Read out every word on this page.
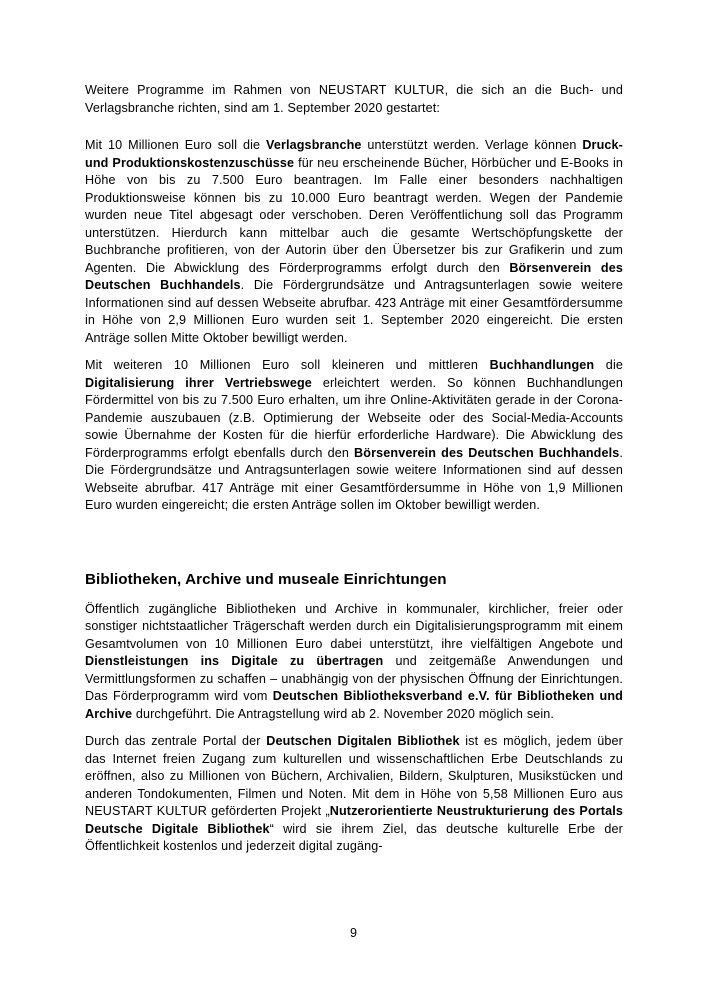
Weitere Programme im Rahmen von NEUSTART KULTUR, die sich an die Buch- und Verlagsbranche richten, sind am 1. September 2020 gestartet:

Mit 10 Millionen Euro soll die Verlagsbranche unterstützt werden. Verlage können Druck- und Produktionskostenzuschüsse für neu erscheinende Bücher, Hörbücher und E-Books in Höhe von bis zu 7.500 Euro beantragen. Im Falle einer besonders nachhaltigen Produktionsweise können bis zu 10.000 Euro beantragt werden. Wegen der Pandemie wurden neue Titel abgesagt oder verschoben. Deren Veröffentlichung soll das Programm unterstützen. Hierdurch kann mittelbar auch die gesamte Wertschöpfungskette der Buchbranche profitieren, von der Autorin über den Übersetzer bis zur Grafikerin und zum Agenten. Die Abwicklung des Förderprogramms erfolgt durch den Börsenverein des Deutschen Buchhandels. Die Fördergrundsätze und Antragsunterlagen sowie weitere Informationen sind auf dessen Webseite abrufbar. 423 Anträge mit einer Gesamtfördersumme in Höhe von 2,9 Millionen Euro wurden seit 1. September 2020 eingereicht. Die ersten Anträge sollen Mitte Oktober bewilligt werden.

Mit weiteren 10 Millionen Euro soll kleineren und mittleren Buchhandlungen die Digitalisierung ihrer Vertriebswege erleichtert werden. So können Buchhandlungen Fördermittel von bis zu 7.500 Euro erhalten, um ihre Online-Aktivitäten gerade in der Corona-Pandemie auszubauen (z.B. Optimierung der Webseite oder des Social-Media-Accounts sowie Übernahme der Kosten für die hierfür erforderliche Hardware). Die Abwicklung des Förderprogramms erfolgt ebenfalls durch den Börsenverein des Deutschen Buchhandels. Die Fördergrundsätze und Antragsunterlagen sowie weitere Informationen sind auf dessen Webseite abrufbar. 417 Anträge mit einer Gesamtfördersumme in Höhe von 1,9 Millionen Euro wurden eingereicht; die ersten Anträge sollen im Oktober bewilligt werden.

Bibliotheken, Archive und museale Einrichtungen

Öffentlich zugängliche Bibliotheken und Archive in kommunaler, kirchlicher, freier oder sonstiger nichtstaatlicher Trägerschaft werden durch ein Digitalisierungsprogramm mit einem Gesamtvolumen von 10 Millionen Euro dabei unterstützt, ihre vielfältigen Angebote und Dienstleistungen ins Digitale zu übertragen und zeitgemäße Anwendungen und Vermittlungsformen zu schaffen – unabhängig von der physischen Öffnung der Einrichtungen. Das Förderprogramm wird vom Deutschen Bibliotheksverband e.V. für Bibliotheken und Archive durchgeführt. Die Antragstellung wird ab 2. November 2020 möglich sein.

Durch das zentrale Portal der Deutschen Digitalen Bibliothek ist es möglich, jedem über das Internet freien Zugang zum kulturellen und wissenschaftlichen Erbe Deutschlands zu eröffnen, also zu Millionen von Büchern, Archivalien, Bildern, Skulpturen, Musikstücken und anderen Tondokumenten, Filmen und Noten. Mit dem in Höhe von 5,58 Millionen Euro aus NEUSTART KULTUR geförderten Projekt „Nutzerorientierte Neustrukturierung des Portals Deutsche Digitale Bibliothek“ wird sie ihrem Ziel, das deutsche kulturelle Erbe der Öffentlichkeit kostenlos und jederzeit digital zugäng-

9
